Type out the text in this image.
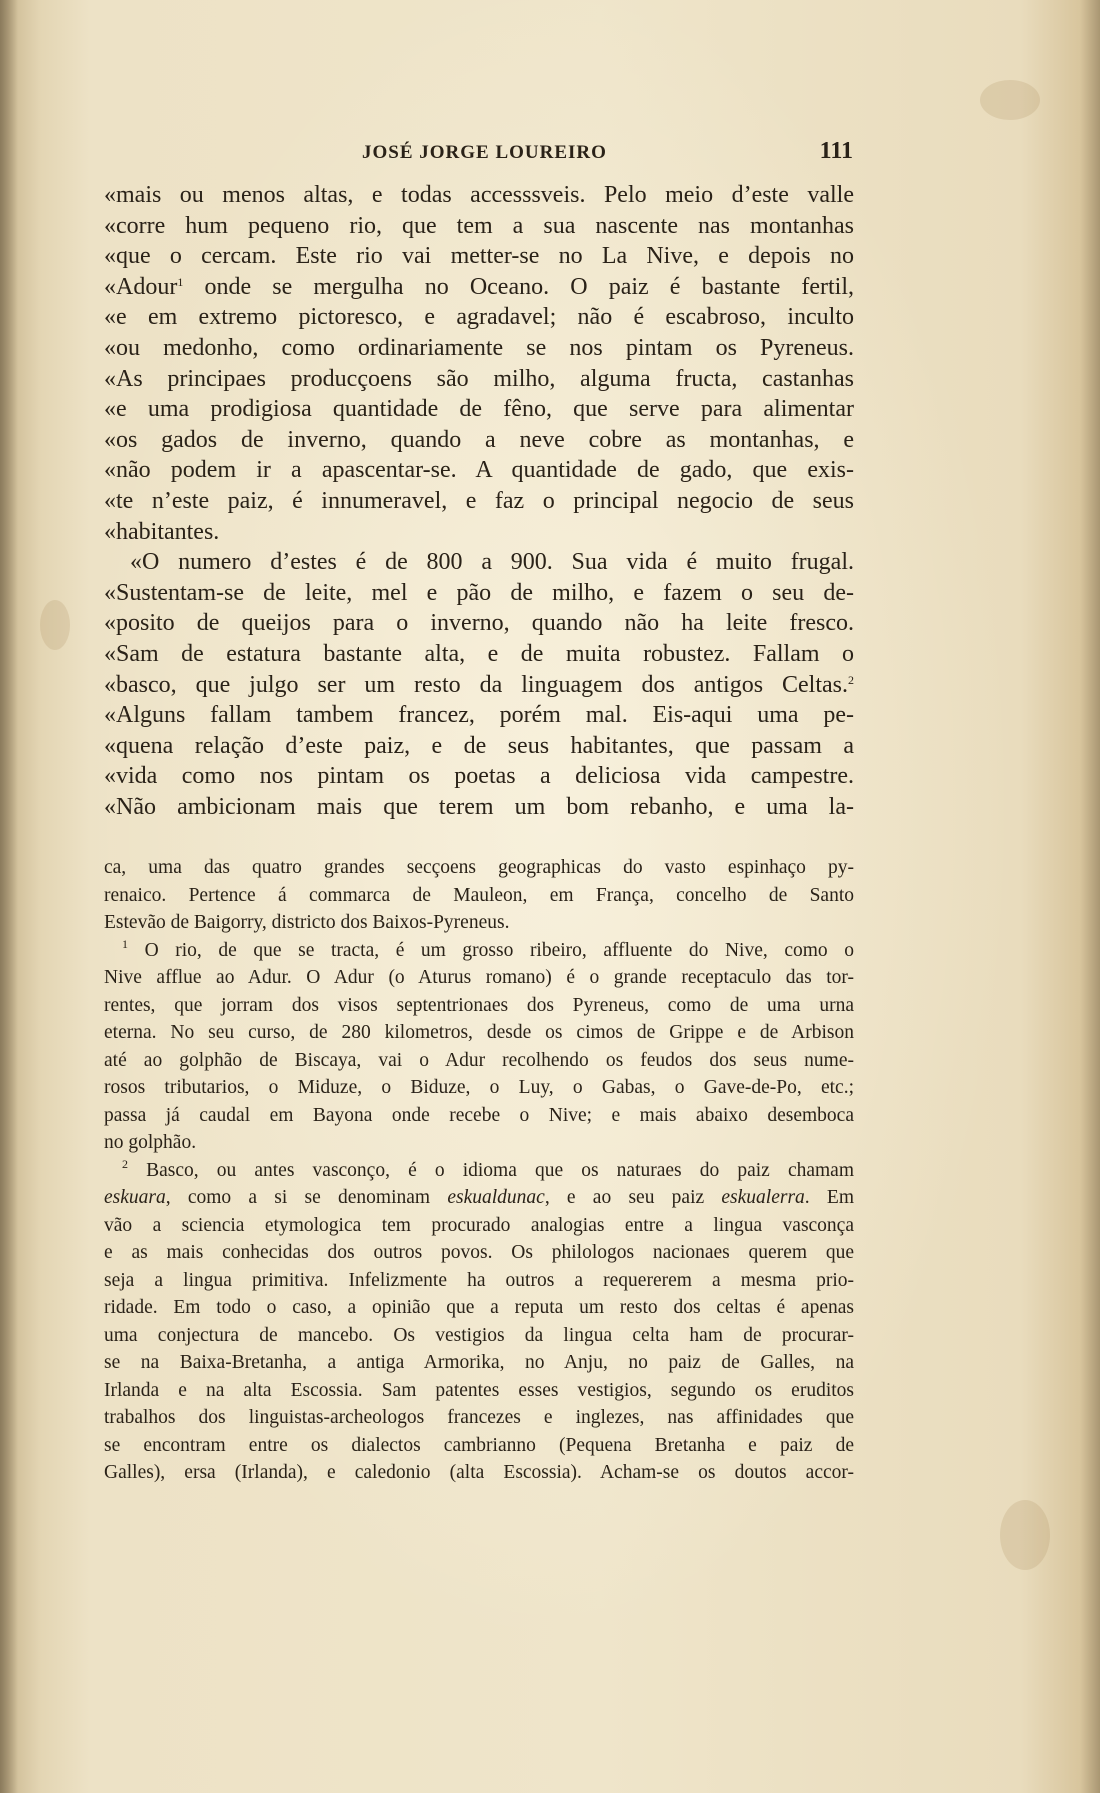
JOSÉ JORGE LOUREIRO	111
«mais ou menos altas, e todas accesssveis. Pelo meio d’este valle
«corre hum pequeno rio, que tem a sua nascente nas montanhas
«que o cercam. Este rio vai metter-se no La Nive, e depois no
«Adour$^1$ onde se mergulha no Oceano. O paiz é bastante fertil,
«e em extremo pictoresco, e agradavel; não é escabroso, inculto
«ou medonho, como ordinariamente se nos pintam os Pyreneus.
«As principaes producçoens são milho, alguma fructa, castanhas
«e uma prodigiosa quantidade de fêno, que serve para alimentar
«os gados de inverno, quando a neve cobre as montanhas, e
«não podem ir a apascentar-se. A quantidade de gado, que exis-
«te n’este paiz, é innumeravel, e faz o principal negocio de seus
«habitantes.
«O numero d’estes é de 800 a 900. Sua vida é muito frugal.
«Sustentam-se de leite, mel e pão de milho, e fazem o seu de-
«posito de queijos para o inverno, quando não ha leite fresco.
«Sam de estatura bastante alta, e de muita robustez. Fallam o
«basco, que julgo ser um resto da linguagem dos antigos Celtas.$^2$
«Alguns fallam tambem francez, porém mal. Eis-aqui uma pe-
«quena relação d’este paiz, e de seus habitantes, que passam a
«vida como nos pintam os poetas a deliciosa vida campestre.
«Não ambicionam mais que terem um bom rebanho, e uma la-
ca, uma das quatro grandes secçoens geographicas do vasto espinhaço py-
renaico. Pertence á commarca de Mauleon, em França, concelho de Santo
Estevão de Baigorry, districto dos Baixos-Pyreneus.
$^1$ O rio, de que se tracta, é um grosso ribeiro, affluente do Nive, como o
Nive afflue ao Adur. O Adur (o Aturus romano) é o grande receptaculo das tor-
rentes, que jorram dos visos septentrionaes dos Pyreneus, como de uma urna
eterna. No seu curso, de 280 kilometros, desde os cimos de Grippe e de Arbison
até ao golphão de Biscaya, vai o Adur recolhendo os feudos dos seus nume-
rosos tributarios, o Miduze, o Biduze, o Luy, o Gabas, o Gave-de-Po, etc.;
passa já caudal em Bayona onde recebe o Nive; e mais abaixo desemboca
no golphão.
$^2$ Basco, ou antes vasconço, é o idioma que os naturaes do paiz chamam
eskuara, como a si se denominam eskualdunac, e ao seu paiz eskualerra. Em
vão a sciencia etymologica tem procurado analogias entre a lingua vasconça
e as mais conhecidas dos outros povos. Os philologos nacionaes querem que
seja a lingua primitiva. Infelizmente ha outros a requererem a mesma prio-
ridade. Em todo o caso, a opinião que a reputa um resto dos celtas é apenas
uma conjectura de mancebo. Os vestigios da lingua celta ham de procurar-
se na Baixa-Bretanha, a antiga Armorika, no Anju, no paiz de Galles, na
Irlanda e na alta Escossia. Sam patentes esses vestigios, segundo os eruditos
trabalhos dos linguistas-archeologos francezes e inglezes, nas affinidades que
se encontram entre os dialectos cambrianno (Pequena Bretanha e paiz de
Galles), ersa (Irlanda), e caledonio (alta Escossia). Acham-se os doutos accor-
